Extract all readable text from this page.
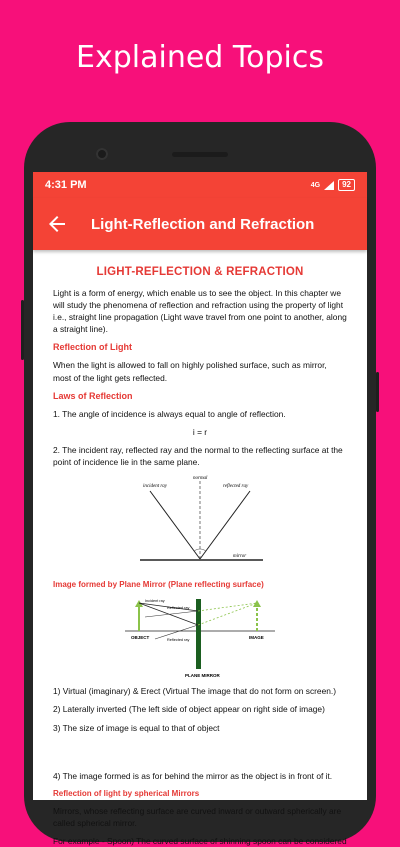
Explained Topics
4:31 PM	4G	92
Light-Reflection and Refraction
LIGHT-REFLECTION & REFRACTION
Light is a form of energy, which enable us to see the object. In this chapter we will study the phenomena of reflection and refraction using the property of light i.e., straight line propagation (Light wave travel from one point to another, along a straight line).
Reflection of Light
When the light is allowed to fall on highly polished surface, such as mirror, most of the light gets reflected.
Laws of Reflection
1. The angle of incidence is always equal to angle of reflection.
i = r
2. The incident ray, reflected ray and the normal to the reflecting surface at the point of incidence lie in the same plane.
normal
incident ray	reflected ray
mirror
Image formed by Plane Mirror (Plane reflecting surface)
Incident ray
Reflected ray
Reflected ray
OBJECT	IMAGE
PLANE MIRROR
1) Virtual (imaginary) & Erect (Virtual The image that do not form on screen.)
2) Laterally inverted (The left side of object appear on right side of image)
3) The size of image is equal to that of object
4) The image formed is as for behind the mirror as the object is in front of it.
Reflection of light by spherical Mirrors
Mirrors, whose reflecting surface are curved inward or outward spherically are called spherical mirror.
For example - Spoon) The curved surface of shinning spoon can be considered
